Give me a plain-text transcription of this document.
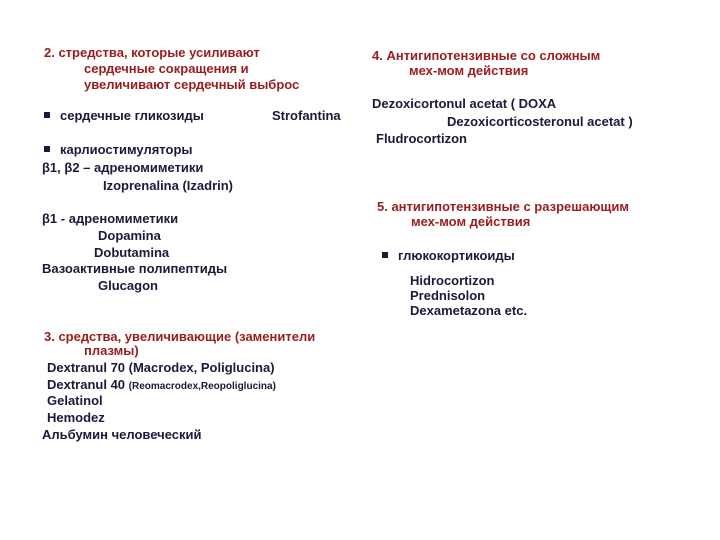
2. стредства, которые усиливают
сердечные сокращения и
увеличивают сердечный выброс
сердечные гликозиды	Strofantina
карлиостимуляторы
β1, β2 – адреномиметики
Izoprenalina (Izadrin)
β1 - адреномиметики
Dopamina
Dobutamina
Вазоактивные полипептиды
Glucagon
3. средства, увеличивающие (заменители
плазмы)
Dextranul 70 (Macrodex, Poliglucina)
Dextranul 40 (Reomacrodex,Reopoliglucina)
Gelatinol
Hemodez
Альбумин человеческий
4. Антигипотензивные со сложным
мех-мом действия
Dezoxicortonul acetat ( DOXA
Dezoxicorticosteronul acetat )
Fludrocortizon
5. антигипотензивные с разрешающим
мех-мом действия
глюкокортикоиды
Hidrocortizon
Prednisolon
Dexametazona etc.
